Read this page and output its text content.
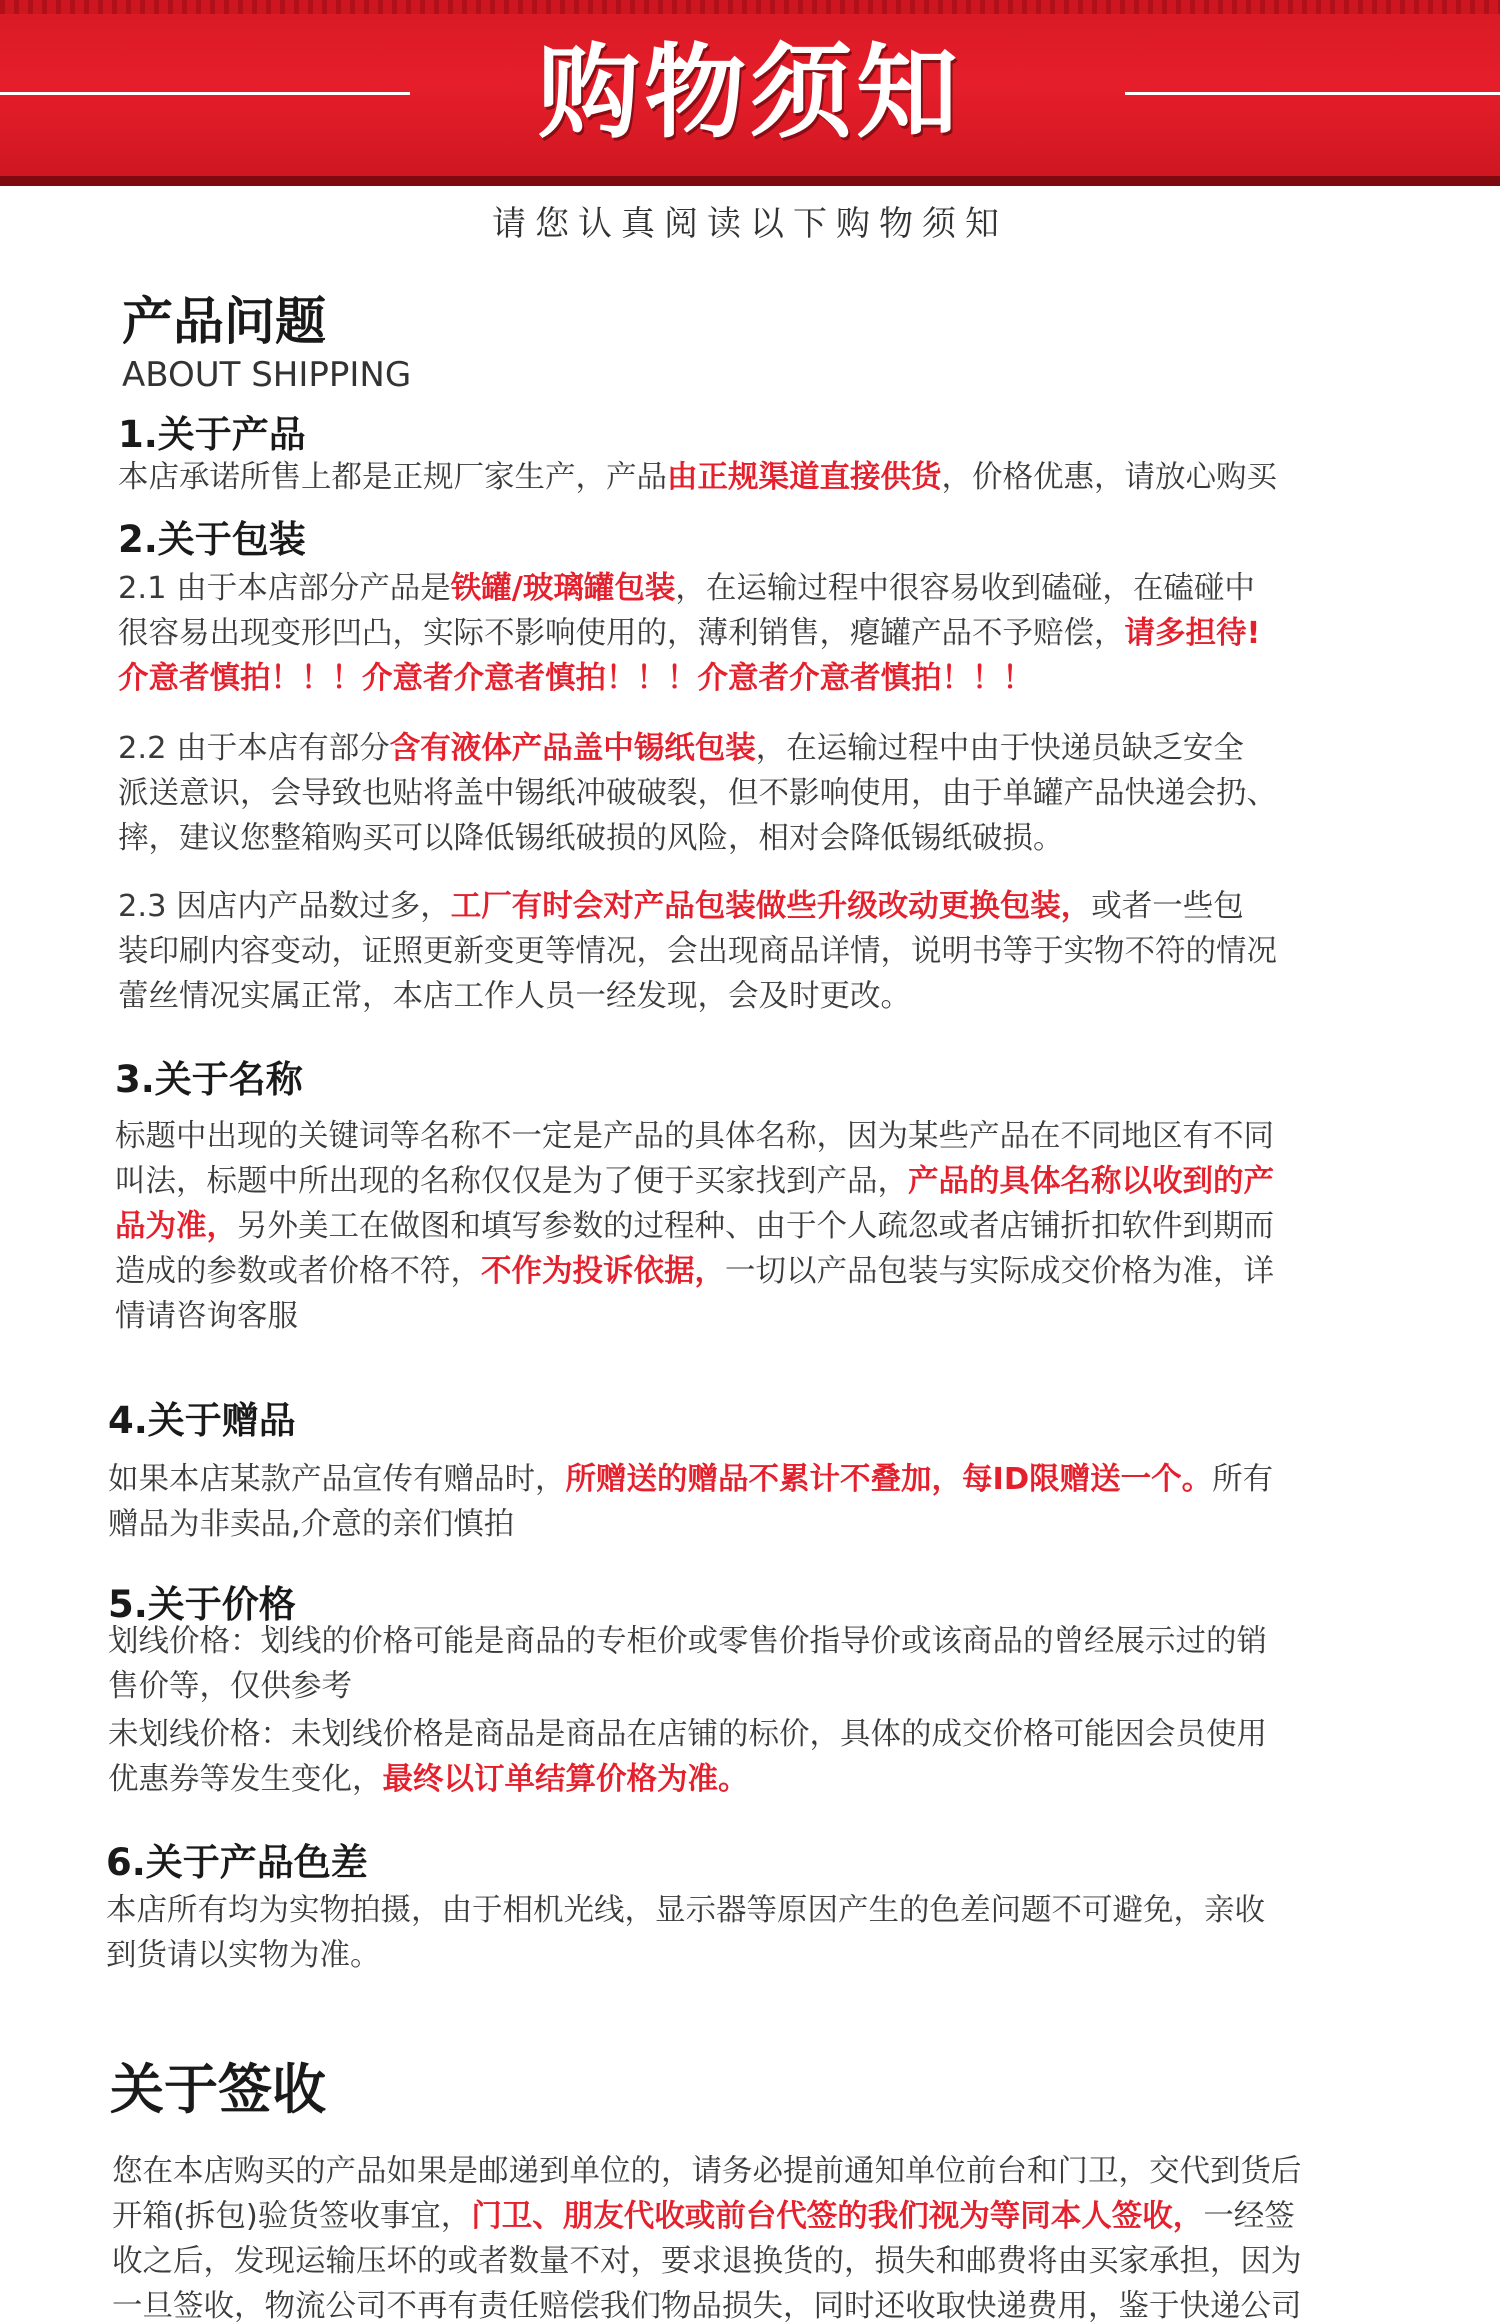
购物须知
请您认真阅读以下购物须知
产品问题
ABOUT SHIPPING
1.关于产品
本店承诺所售上都是正规厂家生产，产品由正规渠道直接供货，价格优惠，请放心购买
2.关于包装
2.1 由于本店部分产品是铁罐/玻璃罐包装，在运输过程中很容易收到磕碰，在磕碰中
很容易出现变形凹凸，实际不影响使用的，薄利销售，瘪罐产品不予赔偿，请多担待!
介意者慎拍！！！介意者介意者慎拍！！！介意者介意者慎拍！！！
2.2 由于本店有部分含有液体产品盖中锡纸包装，在运输过程中由于快递员缺乏安全
派送意识，会导致也贴将盖中锡纸冲破破裂，但不影响使用，由于单罐产品快递会扔、
摔，建议您整箱购买可以降低锡纸破损的风险，相对会降低锡纸破损。
2.3 因店内产品数过多，工厂有时会对产品包装做些升级改动更换包装，或者一些包
装印刷内容变动，证照更新变更等情况，会出现商品详情，说明书等于实物不符的情况
蕾丝情况实属正常，本店工作人员一经发现，会及时更改。
3.关于名称
标题中出现的关键词等名称不一定是产品的具体名称，因为某些产品在不同地区有不同
叫法，标题中所出现的名称仅仅是为了便于买家找到产品，产品的具体名称以收到的产
品为准，另外美工在做图和填写参数的过程种、由于个人疏忽或者店铺折扣软件到期而
造成的参数或者价格不符，不作为投诉依据，一切以产品包装与实际成交价格为准，详
情请咨询客服
4.关于赠品
如果本店某款产品宣传有赠品时，所赠送的赠品不累计不叠加，每ID限赠送一个。所有
赠品为非卖品,介意的亲们慎拍
5.关于价格
划线价格：划线的价格可能是商品的专柜价或零售价指导价或该商品的曾经展示过的销
售价等，仅供参考
未划线价格：未划线价格是商品是商品在店铺的标价，具体的成交价格可能因会员使用
优惠券等发生变化，最终以订单结算价格为准。
6.关于产品色差
本店所有均为实物拍摄，由于相机光线，显示器等原因产生的色差问题不可避免，亲收
到货请以实物为准。
关于签收
您在本店购买的产品如果是邮递到单位的，请务必提前通知单位前台和门卫，交代到货后
开箱(拆包)验货签收事宜，门卫、朋友代收或前台代签的我们视为等同本人签收，一经签
收之后，发现运输压坏的或者数量不对，要求退换货的，损失和邮费将由买家承担，因为
一旦签收，物流公司不再有责任赔偿我们物品损失，同时还收取快递费用，鉴于快递公司
